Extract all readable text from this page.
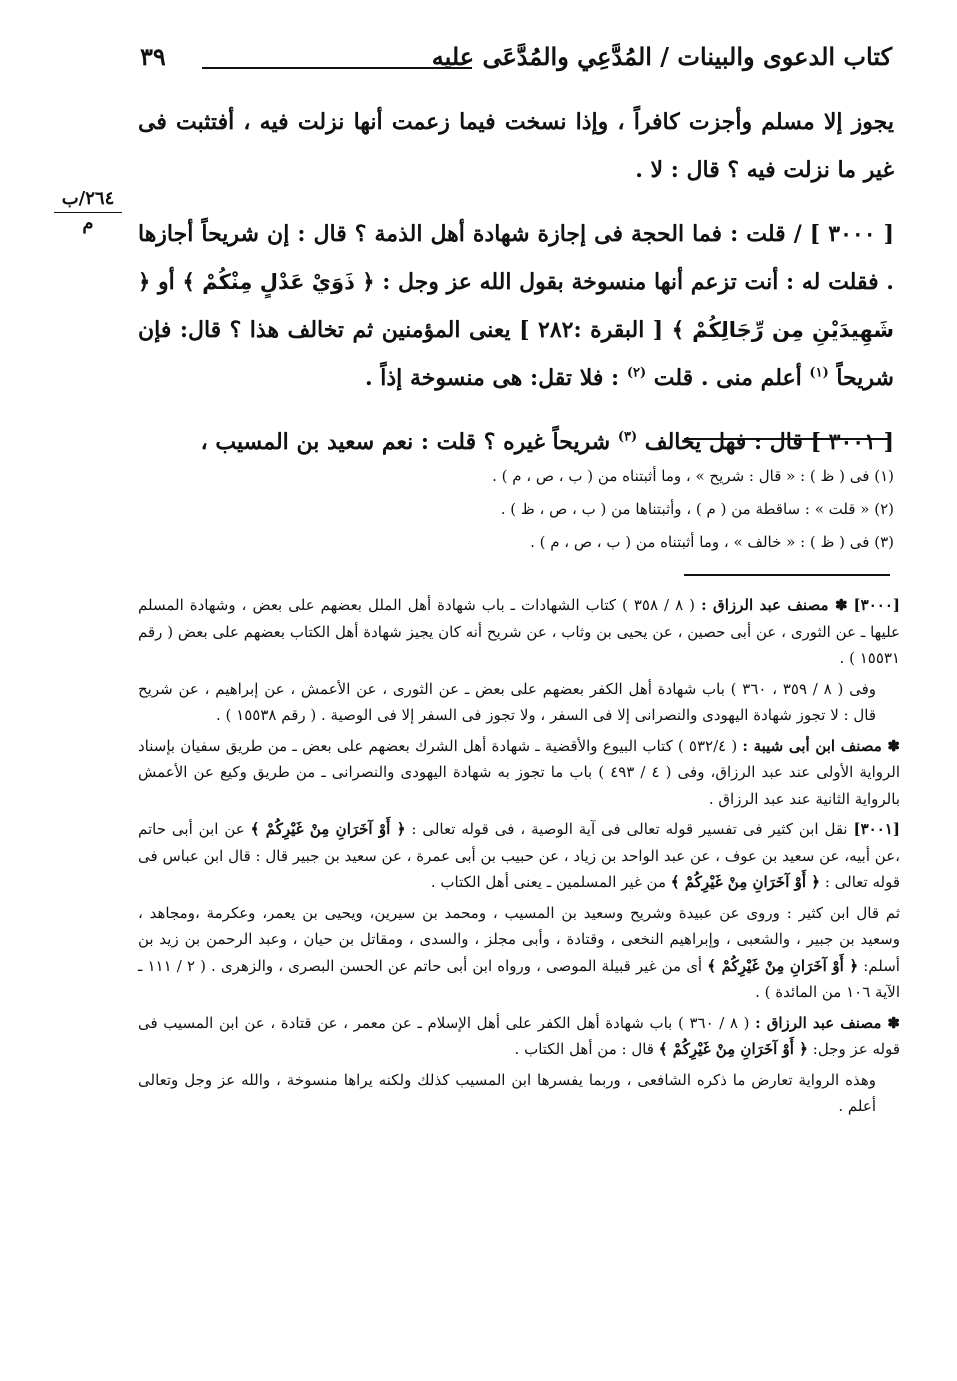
كتاب الدعوى والبينات / المُدَّعِي والمُدَّعَى عليه
٣٩
٢٦٤/ب
م

يجوز إلا مسلم وأجزت كافراً ، وإذا نسخت فيما زعمت أنها نزلت فيه ، أفتثبت فى غير ما نزلت فيه ؟ قال : لا .

[ ٣٠٠٠ ] / قلت : فما الحجة فى إجازة شهادة أهل الذمة ؟ قال : إن شريحاً أجازها . فقلت له : أنت تزعم أنها منسوخة بقول الله عز وجل : ﴿ ذَوَيْ عَدْلٍ مِنْكُمْ ﴾ أو ﴿ شَهِيدَيْنِ مِن رِّجَالِكُمْ ﴾ [ البقرة :٢٨٢ ] يعنى المؤمنين ثم تخالف هذا ؟ قال: فإن شريحاً $^{(١)}$ أعلم منى . قلت $^{(٢)}$ : فلا تقل: هى منسوخة إذاً .

[ ٣٠٠١ ] قال : فهل يخالف $^{(٣)}$ شريحاً غيره ؟ قلت : نعم سعيد بن المسيب ،

(١) فى ( ظ ) : « قال : شريح » ، وما أثبتناه من ( ب ، ص ، م ) .

(٢) « قلت » : ساقطة من ( م ) ، وأثبتناها من ( ب ، ص ، ظ ) .

(٣) فى ( ظ ) : « خالف » ، وما أثبتناه من ( ب ، ص ، م ) .

[٣٠٠٠] ✽ مصنف عبد الرزاق : ( ٨ / ٣٥٨ ) كتاب الشهادات ـ باب شهادة أهل الملل بعضهم على بعض ، وشهادة المسلم عليها ـ عن الثورى ، عن أبى حصين ، عن يحيى بن وثاب ، عن شريح أنه كان يجيز شهادة أهل الكتاب بعضهم على بعض ( رقم ١٥٥٣١ ) .

وفى ( ٨ / ٣٥٩ ، ٣٦٠ ) باب شهادة أهل الكفر بعضهم على بعض ـ عن الثورى ، عن الأعمش ، عن إبراهيم ، عن شريح قال : لا تجوز شهادة اليهودى والنصرانى إلا فى السفر ، ولا تجوز فى السفر إلا فى الوصية . ( رقم ١٥٥٣٨ ) .

✽ مصنف ابن أبى شيبة : ( ٥٣٢/٤ ) كتاب البيوع والأقضية ـ شهادة أهل الشرك بعضهم على بعض ـ من طريق سفيان بإسناد الرواية الأولى عند عبد الرزاق، وفى ( ٤ / ٤٩٣ ) باب ما تجوز به شهادة اليهودى والنصرانى ـ من طريق وكيع عن الأعمش بالرواية الثانية عند عبد الرزاق .

[٣٠٠١] نقل ابن كثير فى تفسير قوله تعالى فى آية الوصية ، فى قوله تعالى : ﴿ أَوْ آخَرَانِ مِنْ غَيْرِكُمْ ﴾ عن ابن أبى حاتم ،عن أبيه، عن سعيد بن عوف ، عن عبد الواحد بن زياد ، عن حبيب بن أبى عمرة ، عن سعيد بن جبير قال : قال ابن عباس فى قوله تعالى : ﴿ أَوْ آخَرَانِ مِنْ غَيْرِكُمْ ﴾ من غير المسلمين ـ يعنى أهل الكتاب .

ثم قال ابن كثير : وروى عن عبيدة وشريح وسعيد بن المسيب ، ومحمد بن سيرين، ويحيى بن يعمر، وعكرمة ،ومجاهد ، وسعيد بن جبير ، والشعبى ، وإبراهيم النخعى ، وقتادة ، وأبى مجلز ، والسدى ، ومقاتل بن حيان ، وعبد الرحمن بن زيد بن أسلم: ﴿ أَوْ آخَرَانِ مِنْ غَيْرِكُمْ ﴾ أى من غير قبيلة الموصى ، ورواه ابن أبى حاتم عن الحسن البصرى ، والزهرى . ( ٢ / ١١١ ـ الآية ١٠٦ من المائدة ) .

✽ مصنف عبد الرزاق : ( ٨ / ٣٦٠ ) باب شهادة أهل الكفر على أهل الإسلام ـ عن معمر ، عن قتادة ، عن ابن المسيب فى قوله عز وجل: ﴿ أَوْ آخَرَانِ مِنْ غَيْرِكُمْ ﴾ قال : من أهل الكتاب .

وهذه الرواية تعارض ما ذكره الشافعى ، وربما يفسرها ابن المسيب كذلك ولكنه يراها منسوخة ، والله عز وجل وتعالى أعلم .
